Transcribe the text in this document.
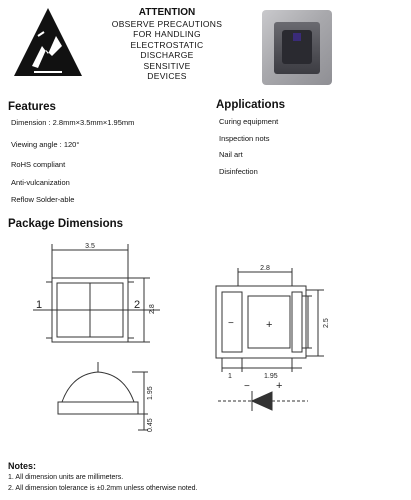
ATTENTION
OBSERVE PRECAUTIONS
FOR HANDLING
ELECTROSTATIC
DISCHARGE
SENSITIVE
DEVICES
Features
Dimension : 2.8mm×3.5mm×1.95mm
Viewing angle : 120°
RoHS compliant
Anti-vulcanization
Reflow Solder-able
Applications
Curing equipment
Inspection nots
Nail art
Disinfection
Package Dimensions
3.5
1	2 2.8
1.95
0.45
2.8
−	+	2.5
1	1.95
− +
Notes:
1. All dimension units are millimeters.
2. All dimension tolerance is ±0.2mm unless otherwise noted.
